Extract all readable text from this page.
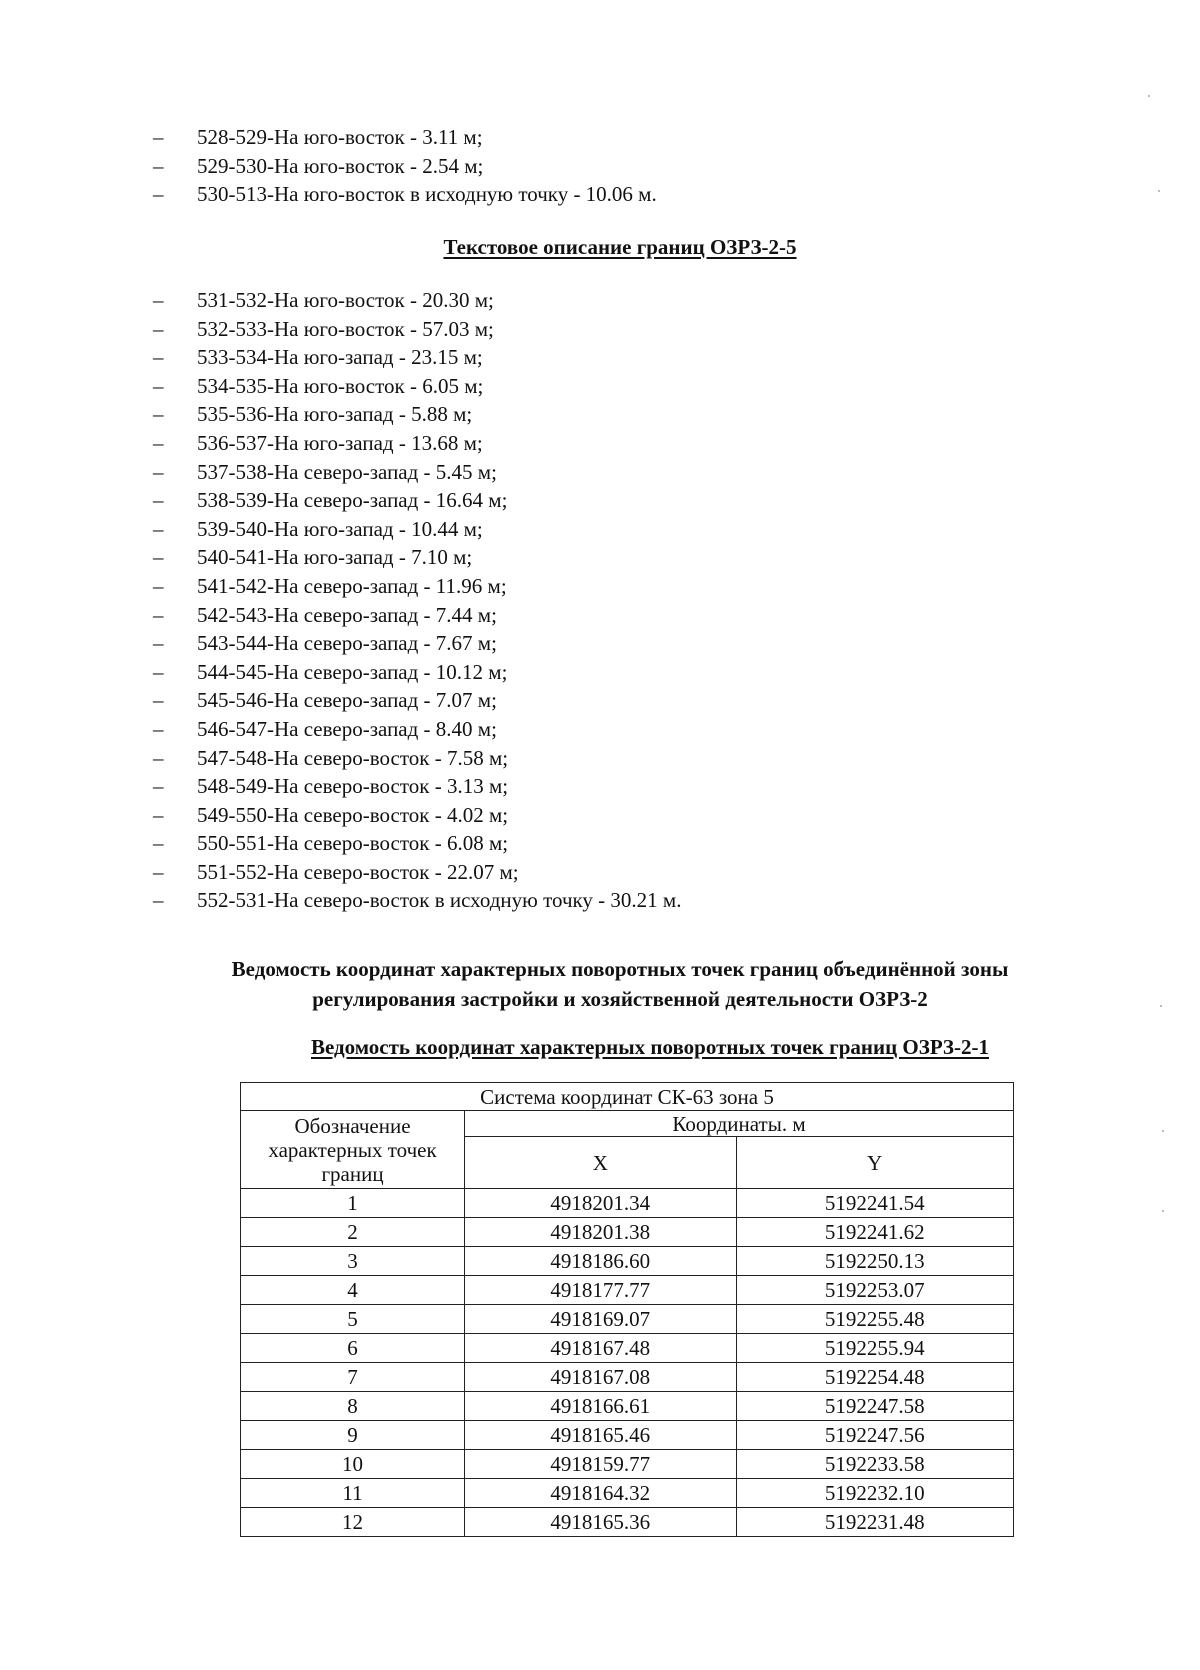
–	528-529-На юго-восток - 3.11 м;
–	529-530-На юго-восток - 2.54 м;
–	530-513-На юго-восток в исходную точку - 10.06 м.
Текстовое описание границ ОЗРЗ-2-5
–	531-532-На юго-восток - 20.30 м;
–	532-533-На юго-восток - 57.03 м;
–	533-534-На юго-запад - 23.15 м;
–	534-535-На юго-восток - 6.05 м;
–	535-536-На юго-запад - 5.88 м;
–	536-537-На юго-запад - 13.68 м;
–	537-538-На северо-запад - 5.45 м;
–	538-539-На северо-запад - 16.64 м;
–	539-540-На юго-запад - 10.44 м;
–	540-541-На юго-запад - 7.10 м;
–	541-542-На северо-запад - 11.96 м;
–	542-543-На северо-запад - 7.44 м;
–	543-544-На северо-запад - 7.67 м;
–	544-545-На северо-запад - 10.12 м;
–	545-546-На северо-запад - 7.07 м;
–	546-547-На северо-запад - 8.40 м;
–	547-548-На северо-восток - 7.58 м;
–	548-549-На северо-восток - 3.13 м;
–	549-550-На северо-восток - 4.02 м;
–	550-551-На северо-восток - 6.08 м;
–	551-552-На северо-восток - 22.07 м;
–	552-531-На северо-восток в исходную точку - 30.21 м.
Ведомость координат характерных поворотных точек границ объединённой зоны
регулирования застройки и хозяйственной деятельности ОЗРЗ-2
Ведомость координат характерных поворотных точек границ ОЗРЗ-2-1
Система координат СК-63 зона 5		
Обозначение характерных точек границ	Координаты. м	
	X	Y
1	4918201.34	5192241.54
2	4918201.38	5192241.62
3	4918186.60	5192250.13
4	4918177.77	5192253.07
5	4918169.07	5192255.48
6	4918167.48	5192255.94
7	4918167.08	5192254.48
8	4918166.61	5192247.58
9	4918165.46	5192247.56
10	4918159.77	5192233.58
11	4918164.32	5192232.10
12	4918165.36	5192231.48
